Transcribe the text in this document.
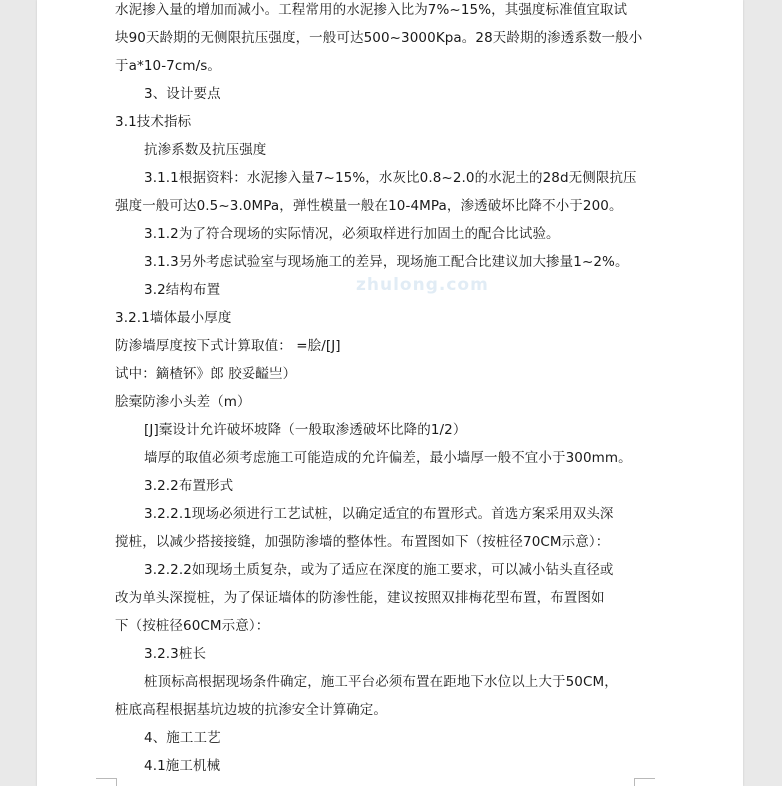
水泥掺入量的增加而减小。工程常用的水泥掺入比为7%~15%，其强度标准值宜取试
块90天龄期的无侧限抗压强度，一般可达500~3000Kpa。28天龄期的渗透系数一般小
于a*10-7cm/s。
3、设计要点
3.1技术指标
抗渗系数及抗压强度
3.1.1根据资料：水泥掺入量7~15%，水灰比0.8~2.0的水泥土的28d无侧限抗压
强度一般可达0.5~3.0MPa，弹性模量一般在10-4MPa，渗透破坏比降不小于200。
3.1.2为了符合现场的实际情况，必须取样进行加固土的配合比试验。
3.1.3另外考虑试验室与现场施工的差异，现场施工配合比建议加大掺量1~2%。
3.2结构布置
3.2.1墙体最小厚度
防渗墙厚度按下式计算取值： =脍/[J]
试中：鏑楂钚》郎 胶妥齸亗）
脍槖防渗小头差（m）
[J]槖设计允许破坏坡降（一般取渗透破坏比降的1/2）
墙厚的取值必须考虑施工可能造成的允许偏差，最小墙厚一般不宜小于300mm。
3.2.2布置形式
3.2.2.1现场必须进行工艺试桩，以确定适宜的布置形式。首选方案采用双头深
搅桩，以减少搭接接缝，加强防渗墙的整体性。布置图如下（按桩径70CM示意）：
3.2.2.2如现场土质复杂，或为了适应在深度的施工要求，可以减小钻头直径或
改为单头深搅桩，为了保证墙体的防渗性能，建议按照双排梅花型布置，布置图如
下（按桩径60CM示意）：
3.2.3桩长
桩顶标高根据现场条件确定，施工平台必须布置在距地下水位以上大于50CM，
桩底高程根据基坑边坡的抗渗安全计算确定。
4、施工工艺
4.1施工机械
zhulong.com
